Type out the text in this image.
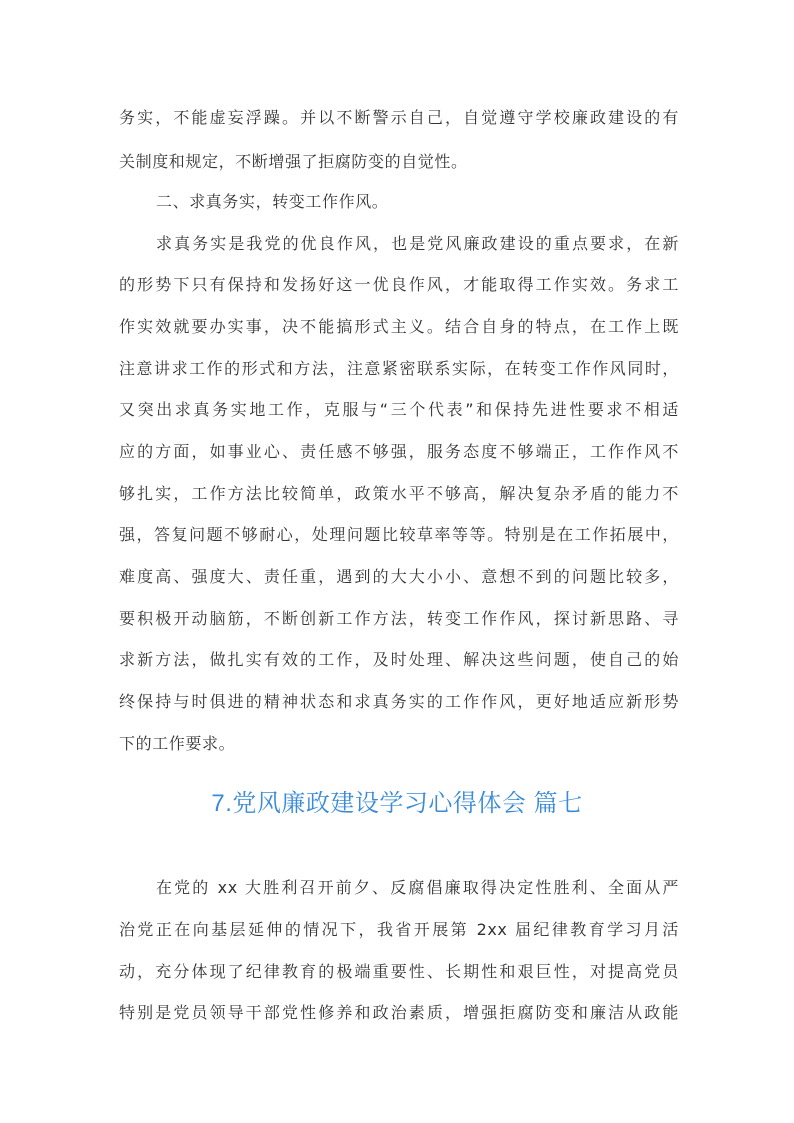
务实，不能虚妄浮躁。并以不断警示自己，自觉遵守学校廉政建设的有
关制度和规定，不断增强了拒腐防变的自觉性。
二、求真务实，转变工作作风。
求真务实是我党的优良作风，也是党风廉政建设的重点要求，在新
的形势下只有保持和发扬好这一优良作风，才能取得工作实效。务求工
作实效就要办实事，决不能搞形式主义。结合自身的特点，在工作上既
注意讲求工作的形式和方法，注意紧密联系实际，在转变工作作风同时，
又突出求真务实地工作，克服与“三个代表”和保持先进性要求不相适
应的方面，如事业心、责任感不够强，服务态度不够端正，工作作风不
够扎实，工作方法比较简单，政策水平不够高，解决复杂矛盾的能力不
强，答复问题不够耐心，处理问题比较草率等等。特别是在工作拓展中，
难度高、强度大、责任重，遇到的大大小小、意想不到的问题比较多，
要积极开动脑筋，不断创新工作方法，转变工作作风，探讨新思路、寻
求新方法，做扎实有效的工作，及时处理、解决这些问题，使自己的始
终保持与时俱进的精神状态和求真务实的工作作风，更好地适应新形势
下的工作要求。
7.党风廉政建设学习心得体会 篇七
在党的 xx 大胜利召开前夕、反腐倡廉取得决定性胜利、全面从严
治党正在向基层延伸的情况下，我省开展第 2xx 届纪律教育学习月活
动，充分体现了纪律教育的极端重要性、长期性和艰巨性，对提高党员
特别是党员领导干部党性修养和政治素质，增强拒腐防变和廉洁从政能
